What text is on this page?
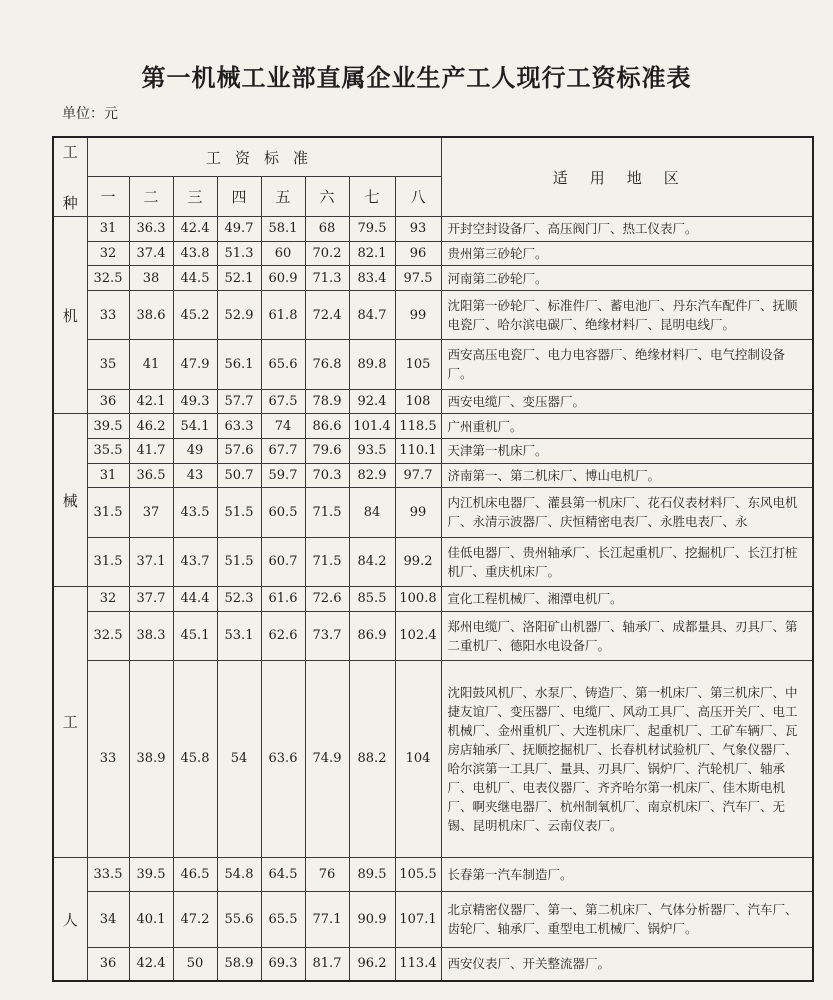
第一机械工业部直属企业生产工人现行工资标准表
单位：元
工
种	工资标准								适用地区
	一	二	三	四	五	六	七	八	
机	31	36.3	42.4	49.7	58.1	68	79.5	93	开封空封设备厂、高压阀门厂、热工仪表厂。
	32	37.4	43.8	51.3	60	70.2	82.1	96	贵州第三砂轮厂。
	32.5	38	44.5	52.1	60.9	71.3	83.4	97.5	河南第二砂轮厂。
	33	38.6	45.2	52.9	61.8	72.4	84.7	99	沈阳第一砂轮厂、标准件厂、蓄电池厂、丹东汽车配件厂、抚顺电瓷厂、哈尔滨电碳厂、绝缘材料厂、昆明电线厂。
	35	41	47.9	56.1	65.6	76.8	89.8	105	西安高压电瓷厂、电力电容器厂、绝缘材料厂、电气控制设备厂。
	36	42.1	49.3	57.7	67.5	78.9	92.4	108	西安电缆厂、变压器厂。
械	39.5	46.2	54.1	63.3	74	86.6	101.4	118.5	广州重机厂。
	35.5	41.7	49	57.6	67.7	79.6	93.5	110.1	天津第一机床厂。
	31	36.5	43	50.7	59.7	70.3	82.9	97.7	济南第一、第二机床厂、博山电机厂。
	31.5	37	43.5	51.5	60.5	71.5	84	99	内江机床电器厂、灌县第一机床厂、花石仪表材料厂、东风电机厂、永清示波器厂、庆恒精密电表厂、永胜电表厂、永
	31.5	37.1	43.7	51.5	60.7	71.5	84.2	99.2	佳低电器厂、贵州轴承厂、长江起重机厂、挖掘机厂、长江打桩机厂、重庆机床厂。
工	32	37.7	44.4	52.3	61.6	72.6	85.5	100.8	宣化工程机械厂、湘潭电机厂。
	32.5	38.3	45.1	53.1	62.6	73.7	86.9	102.4	郑州电缆厂、洛阳矿山机器厂、轴承厂、成都量具、刃具厂、第二重机厂、德阳水电设备厂。
	33	38.9	45.8	54	63.6	74.9	88.2	104	沈阳鼓风机厂、水泵厂、铸造厂、第一机床厂、第三机床厂、中捷友谊厂、变压器厂、电缆厂、风动工具厂、高压开关厂、电工机械厂、金州重机厂、大连机床厂、起重机厂、工矿车辆厂、瓦房店轴承厂、抚顺挖掘机厂、长春机材试验机厂、气象仪器厂、哈尔滨第一工具厂、量具、刃具厂、锅炉厂、汽轮机厂、轴承厂、电机厂、电表仪器厂、齐齐哈尔第一机床厂、佳木斯电机厂、啊夹继电器厂、杭州制氧机厂、南京机床厂、汽车厂、无锡、昆明机床厂、云南仪表厂。
人	33.5	39.5	46.5	54.8	64.5	76	89.5	105.5	长春第一汽车制造厂。
	34	40.1	47.2	55.6	65.5	77.1	90.9	107.1	北京精密仪器厂、第一、第二机床厂、气体分析器厂、汽车厂、齿轮厂、轴承厂、重型电工机械厂、锅炉厂。
	36	42.4	50	58.9	69.3	81.7	96.2	113.4	西安仪表厂、开关整流器厂。
